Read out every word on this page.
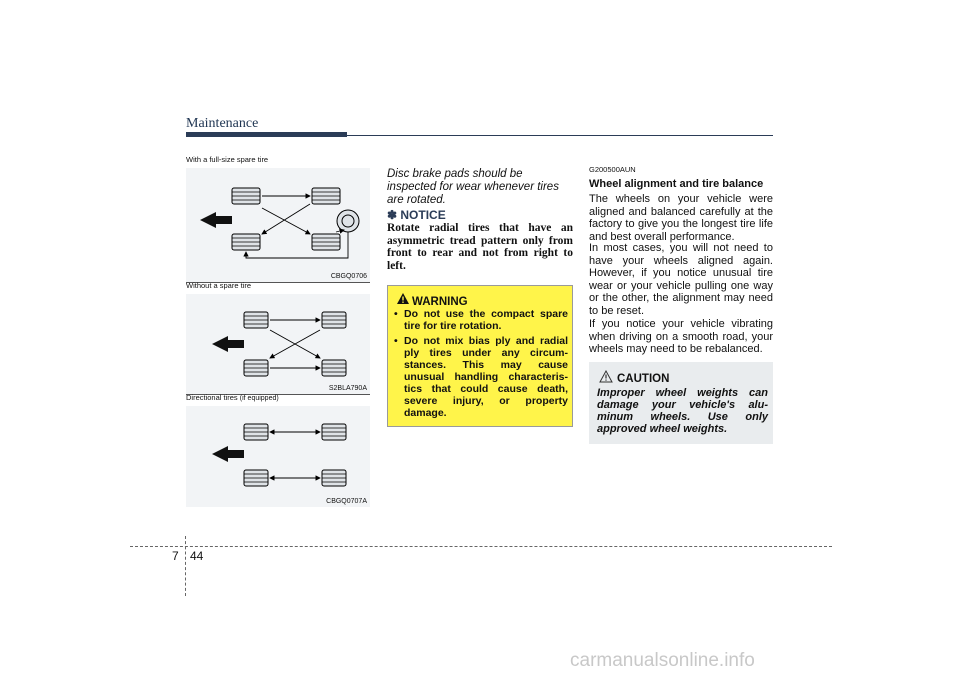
Maintenance
With a full-size spare tire
CBGQ0706
Without a spare tire
S2BLA790A
Directional tires (if equipped)
CBGQ0707A
Disc brake pads should be inspected for wear whenever tires are rotated.
✽ NOTICE
Rotate radial tires that have an asymmetric tread pattern only from front to rear and not from right to left.
WARNING
• Do not use the compact spare tire for tire rotation.
• Do not mix bias ply and radial ply tires under any circum-stances. This may cause unusual handling characteris-tics that could cause death, severe injury, or property damage.
G200500AUN
Wheel alignment and tire balance
The wheels on your vehicle were aligned and balanced carefully at the factory to give you the longest tire life and best overall performance.
In most cases, you will not need to have your wheels aligned again. However, if you notice unusual tire wear or your vehicle pulling one way or the other, the alignment may need to be reset.
If you notice your vehicle vibrating when driving on a smooth road, your wheels may need to be rebalanced.
CAUTION
Improper wheel weights can damage your vehicle's alu-minum wheels. Use only approved wheel weights.
7 44
carmanualsonline.info
